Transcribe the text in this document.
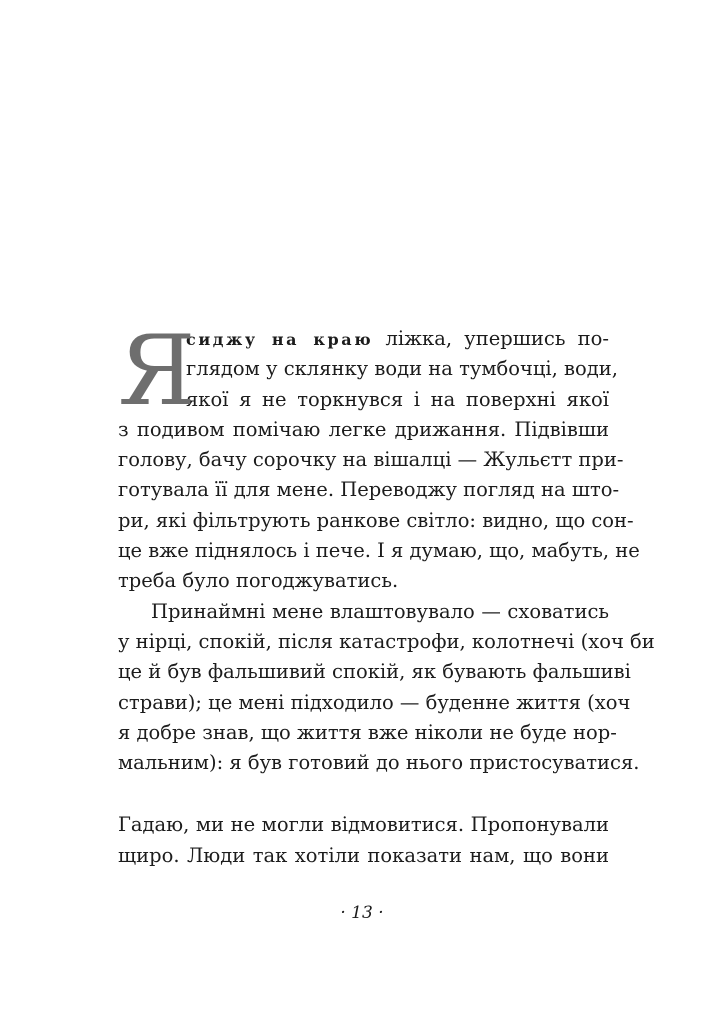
Я
сиджу на краю ліжка, упершись по-
глядом у склянку води на тумбочці, води,
якої я не торкнувся і на поверхні якої
з подивом помічаю легке дрижання. Підвівши
голову, бачу сорочку на вішалці — Жульєтт при-
готувала її для мене. Переводжу погляд на што-
ри, які фільтрують ранкове світло: видно, що сон-
це вже піднялось і пече. І я думаю, що, мабуть, не
треба було погоджуватись.
Принаймні мене влаштовувало — сховатись
у нірці, спокій, після катастрофи, колотнечі (хоч би
це й був фальшивий спокій, як бувають фальшиві
страви); це мені підходило — буденне життя (хоч
я добре знав, що життя вже ніколи не буде нор-
мальним): я був готовий до нього пристосуватися.
Гадаю, ми не могли відмовитися. Пропонували
щиро. Люди так хотіли показати нам, що вони
· 13 ·
